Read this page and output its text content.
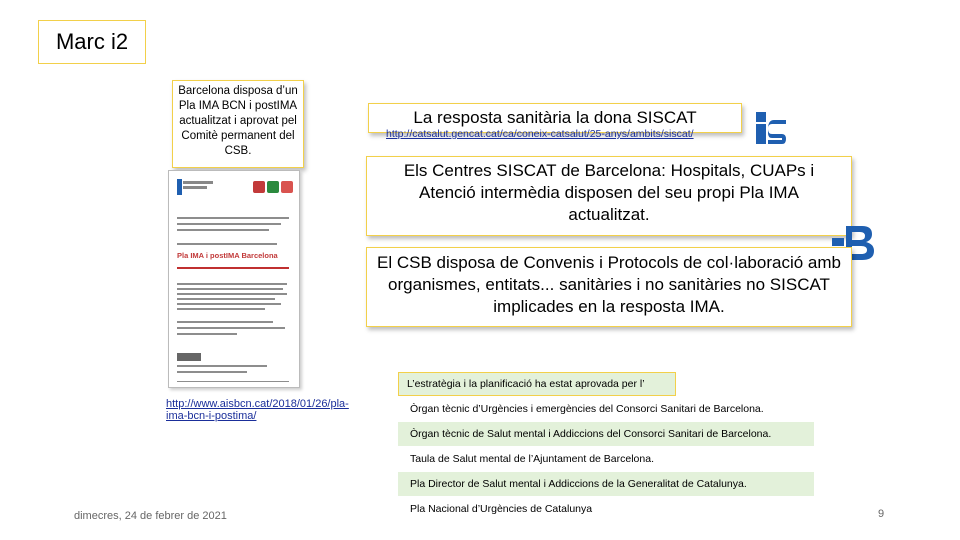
Marc i2
Barcelona disposa d’un Pla IMA BCN i postIMA actualitzat i aprovat pel Comitè permanent del CSB.
Pla IMA i postIMA Barcelona
http://www.aisbcn.cat/2018/01/26/pla-ima-bcn-i-postima/
La resposta sanitària la dona SISCAT
http://catsalut.gencat.cat/ca/coneix-catsalut/25-anys/ambits/siscat/
Els Centres SISCAT de Barcelona: Hospitals, CUAPs i Atenció intermèdia disposen del seu propi Pla IMA actualitzat.
El CSB disposa de Convenis i Protocols de col·laboració amb organismes, entitats... sanitàries i no sanitàries no SISCAT implicades en la resposta IMA.
L’estratègia i la planificació ha estat aprovada per l’
Òrgan tècnic d’Urgències i emergències del Consorci Sanitari de Barcelona.
Òrgan tècnic de Salut mental i Addiccions del Consorci Sanitari de Barcelona.
Taula de Salut mental de l’Ajuntament de Barcelona.
Pla Director de Salut mental i Addiccions de la Generalitat de Catalunya.
Pla Nacional d’Urgències de Catalunya
dimecres, 24 de febrer de 2021	9
